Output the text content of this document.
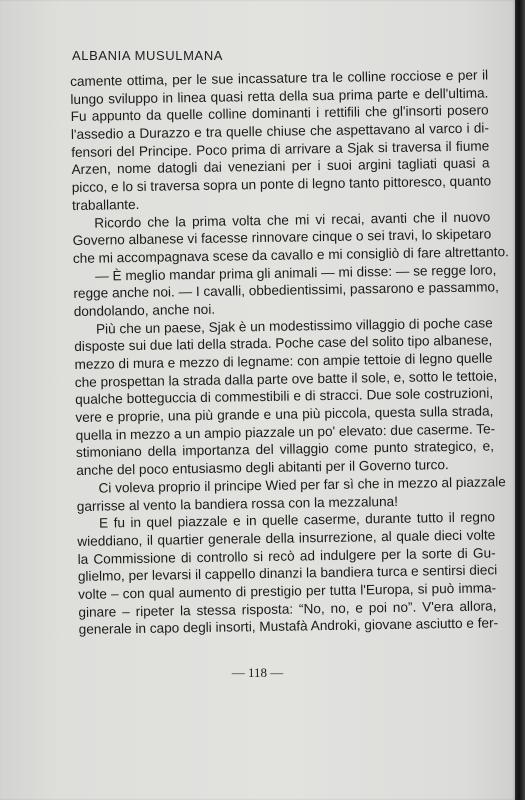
ALBANIA MUSULMANA
camente ottima, per le sue incassature tra le colline rocciose e per il
lungo sviluppo in linea quasi retta della sua prima parte e dell'ultima.
Fu appunto da quelle colline dominanti i rettifili che gl'insorti posero
l'assedio a Durazzo e tra quelle chiuse che aspettavano al varco i di-
fensori del Principe. Poco prima di arrivare a Sjak si traversa il fiume
Arzen, nome datogli dai veneziani per i suoi argini tagliati quasi a
picco, e lo si traversa sopra un ponte di legno tanto pittoresco, quanto
traballante.
Ricordo che la prima volta che mi vi recai, avanti che il nuovo
Governo albanese vi facesse rinnovare cinque o sei travi, lo skipetaro
che mi accompagnava scese da cavallo e mi consigliò di fare altrettanto.
— È meglio mandar prima gli animali — mi disse: — se regge loro,
regge anche noi. — I cavalli, obbedientissimi, passarono e passammo,
dondolando, anche noi.
Più che un paese, Sjak è un modestissimo villaggio di poche case
disposte sui due lati della strada. Poche case del solito tipo albanese,
mezzo di mura e mezzo di legname: con ampie tettoie di legno quelle
che prospettan la strada dalla parte ove batte il sole, e, sotto le tettoie,
qualche botteguccia di commestibili e di stracci. Due sole costruzioni,
vere e proprie, una più grande e una più piccola, questa sulla strada,
quella in mezzo a un ampio piazzale un po' elevato: due caserme. Te-
stimoniano della importanza del villaggio come punto strategico, e,
anche del poco entusiasmo degli abitanti per il Governo turco.
Ci voleva proprio il principe Wied per far sì che in mezzo al piazzale
garrisse al vento la bandiera rossa con la mezzaluna!
E fu in quel piazzale e in quelle caserme, durante tutto il regno
wieddiano, il quartier generale della insurrezione, al quale dieci volte
la Commissione di controllo si recò ad indulgere per la sorte di Gu-
glielmo, per levarsi il cappello dinanzi la bandiera turca e sentirsi dieci
volte – con qual aumento di prestigio per tutta l'Europa, si può imma-
ginare – ripeter la stessa risposta: “No, no, e poi no”. V'era allora,
generale in capo degli insorti, Mustafà Androki, giovane asciutto e fer-
— 118 —
